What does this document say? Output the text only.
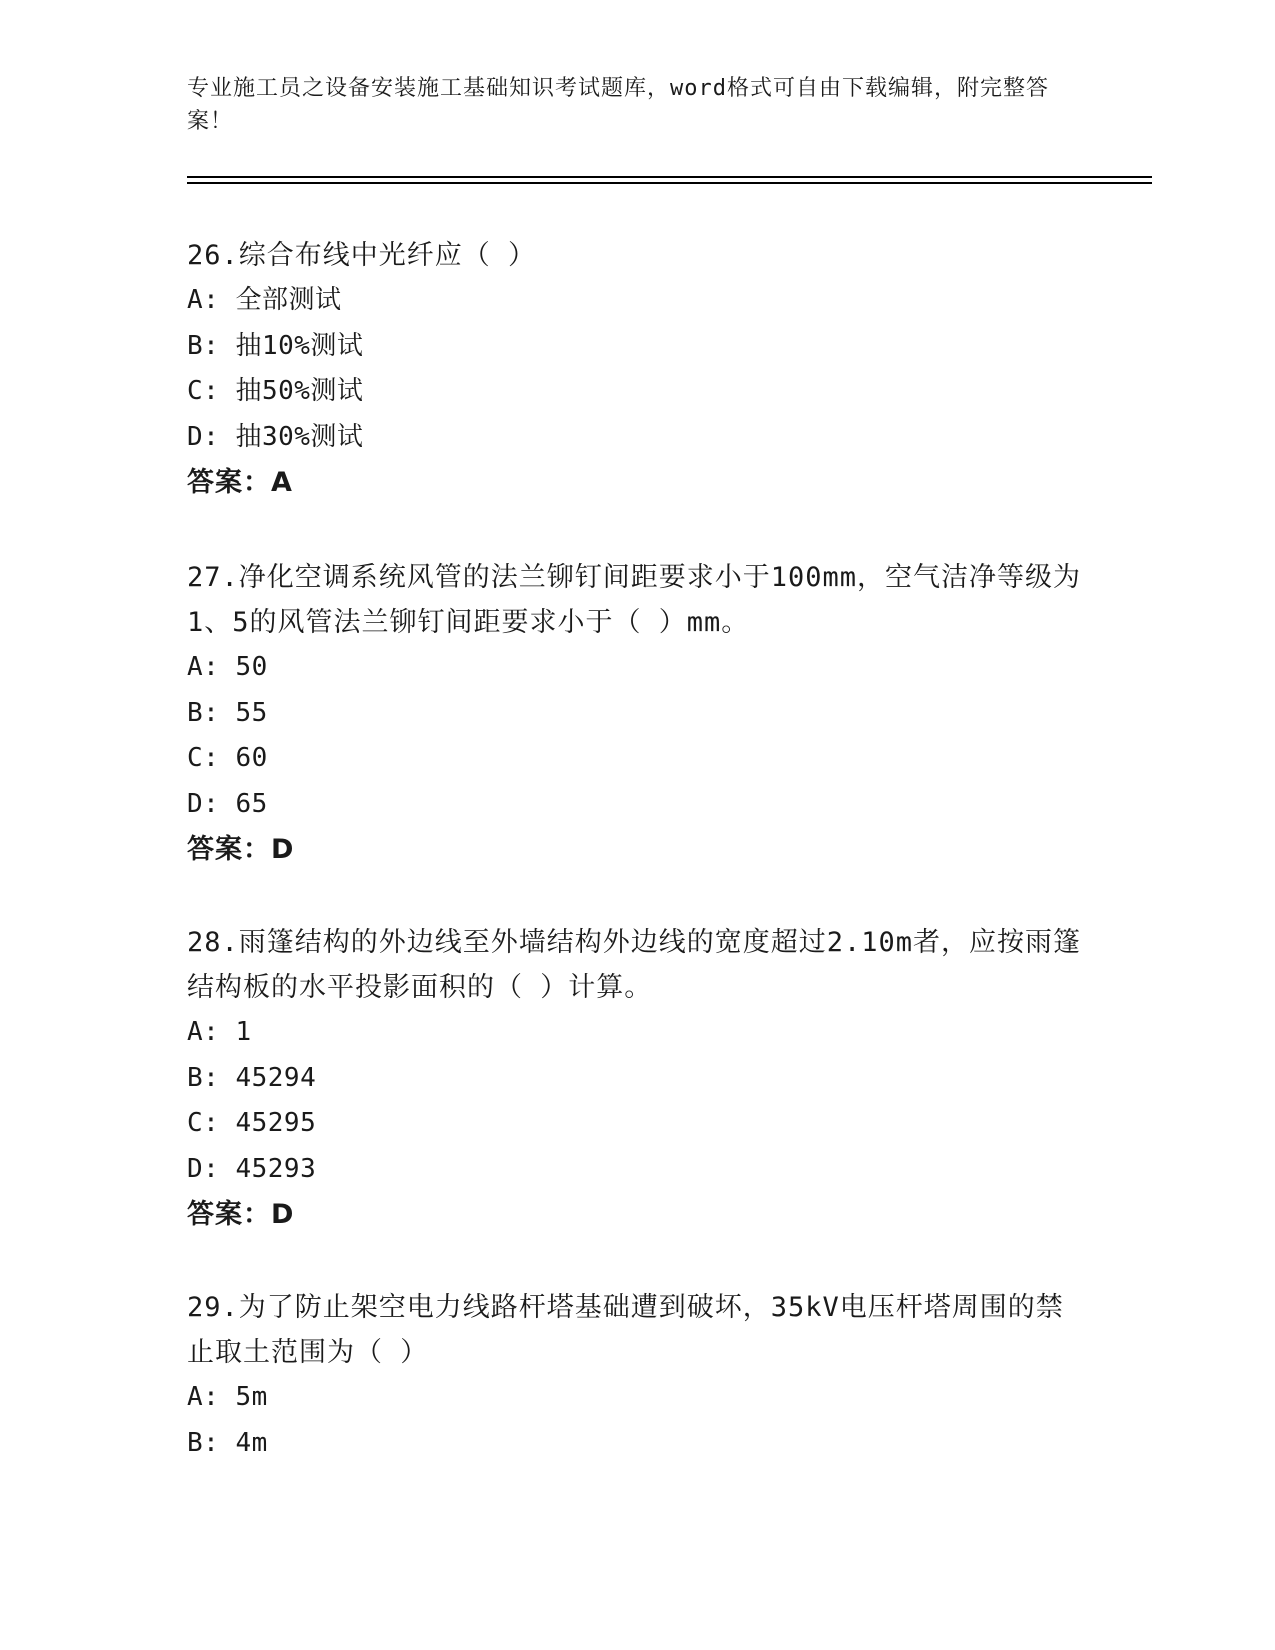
专业施工员之设备安装施工基础知识考试题库，word格式可自由下载编辑，附完整答案！
26.综合布线中光纤应（ ）
A: 全部测试
B: 抽10%测试
C: 抽50%测试
D: 抽30%测试
答案：A
27.净化空调系统风管的法兰铆钉间距要求小于100mm，空气洁净等级为1、5的风管法兰铆钉间距要求小于（ ）mm。
A: 50
B: 55
C: 60
D: 65
答案：D
28.雨篷结构的外边线至外墙结构外边线的宽度超过2.10m者，应按雨篷结构板的水平投影面积的（ ）计算。
A: 1
B: 45294
C: 45295
D: 45293
答案：D
29.为了防止架空电力线路杆塔基础遭到破坏，35kV电压杆塔周围的禁止取土范围为（ ）
A: 5m
B: 4m
